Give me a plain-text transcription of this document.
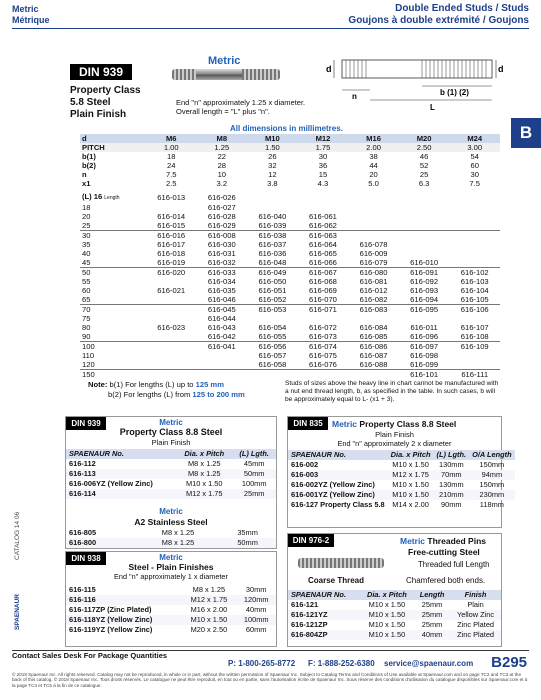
Metric
Métrique
Double Ended Studs / Studs
Goujons à double extrémité / Goujons
B
DIN 939
Metric
Property Class
5.8 Steel
Plain Finish
End "n" approximately 1.25 x diameter.
Overall length = "L" plus "n".
d	d
n	b (1) (2)
L
All dimensions in millimetres.
d	M6	M8	M10	M12	M16	M20	M24
PITCH	1.00	1.25	1.50	1.75	2.00	2.50	3.00
b(1)	18	22	26	30	38	46	54
b(2)	24	28	32	36	44	52	60
n	7.5	10	12	15	20	25	30
x1	2.5	3.2	3.8	4.3	5.0	6.3	7.5

(L) 16 Length	616-013	616-026					
18		616-027					
20	616-014	616-028	616-040	616-061			
25	616-015	616-029	616-039	616-062			
30	616-016	616-008	616-038	616-063			
35	616-017	616-030	616-037	616-064	616-078		
40	616-018	616-031	616-036	616-065	616-009		
45	616-019	616-032	616-048	616-066	616-079	616-010	
50	616-020	616-033	616-049	616-067	616-080	616-091	616-102
55		616-034	616-050	616-068	616-081	616-092	616-103
60	616-021	616-035	616-051	616-069	616-012	616-093	616-104
65		616-046	616-052	616-070	616-082	616-094	616-105
70		616-045	616-053	616-071	616-083	616-095	616-106
75		616-044					
80	616-023	616-043	616-054	616-072	616-084	616-011	616-107
90		616-042	616-055	616-073	616-085	616-096	616-108
100		616-041	616-056	616-074	616-086	616-097	616-109
110			616-057	616-075	616-087	616-098	
120			616-058	616-076	616-088	616-099	
150						616-101	616-111
Note: b(1) For lengths (L) up to 125 mm
b(2) For lengths (L) from 125 to 200 mm
Studs of sizes above the heavy line in chart cannot be manufactured with a nut end thread length, b, as specified in the table. In such cases, b will be approximately equal to L- (x1 + 3).
DIN 939	Metric
Property Class 8.8 Steel
Plain Finish
SPAENAUR No.	Dia. x Pitch	(L) Lgth.
616-112	M8 x 1.25	45mm
616-113	M8 x 1.25	50mm
616-006YZ (Yellow Zinc)	M10 x 1.50	100mm
616-114	M12 x 1.75	25mm
Metric
A2 Stainless Steel
616-805	M8 x 1.25	35mm
616-800	M8 x 1.25	50mm
DIN 938	Metric
Steel - Plain Finishes
End "n" approximately 1 x diameter
616-115	M8 x 1.25	30mm
616-116	M12 x 1.75	120mm
616-117ZP (Zinc Plated)	M16 x 2.00	40mm
616-118YZ (Yellow Zinc)	M10 x 1.50	100mm
616-119YZ (Yellow Zinc)	M20 x 2.50	60mm
DIN 835	Metric Property Class 8.8 Steel
Plain Finish
End "n" approximately 2 x diameter
SPAENAUR No.	Dia. x Pitch	(L) Lgth.	O/A Length
616-002	M10 x 1.50	130mm	150mm
616-003	M12 x 1.75	70mm	94mm
616-002YZ (Yellow Zinc)	M10 x 1.50	130mm	150mm
616-001YZ (Yellow Zinc)	M10 x 1.50	210mm	230mm
616-127 Property Class 5.8	M14 x 2.00	90mm	118mm
DIN 976-2	Metric Threaded Pins
Free-cutting Steel
Threaded full Length
Coarse Thread	Chamfered both ends.
SPAENAUR No.	Dia. x Pitch	Length	Finish
616-121	M10 x 1.50	25mm	Plain
616-121YZ	M10 x 1.50	25mm	Yellow Zinc
616-121ZP	M10 x 1.50	25mm	Zinc Plated
616-804ZP	M10 x 1.50	40mm	Zinc Plated
CATALOG 14 06
SPAENAUR
Contact Sales Desk For Package Quantities
P: 1-800-265-8772 F: 1-888-252-6380 service@spaenaur.com B295
© 2018 Spaenaur Inc. All rights reserved. Catalog may not be reproduced, in whole or in part, without the written permission of Spaenaur Inc. Subject to Catalog Terms and Conditions of Use available at Spaenaur.com and on page TC2 and TC3 at the back of this catalog. © 2018 Spaenaur Inc. Tous droits réservés. Le catalogue ne peut être reproduit, en tout ou en partie, sans l'autorisation écrite de Spaenaur Inc. Sous réserve des conditions d'utilisation du catalogue disponibles sur Spaenaur.com et à la page TC4 et TC5 à la fin de ce catalogue.
